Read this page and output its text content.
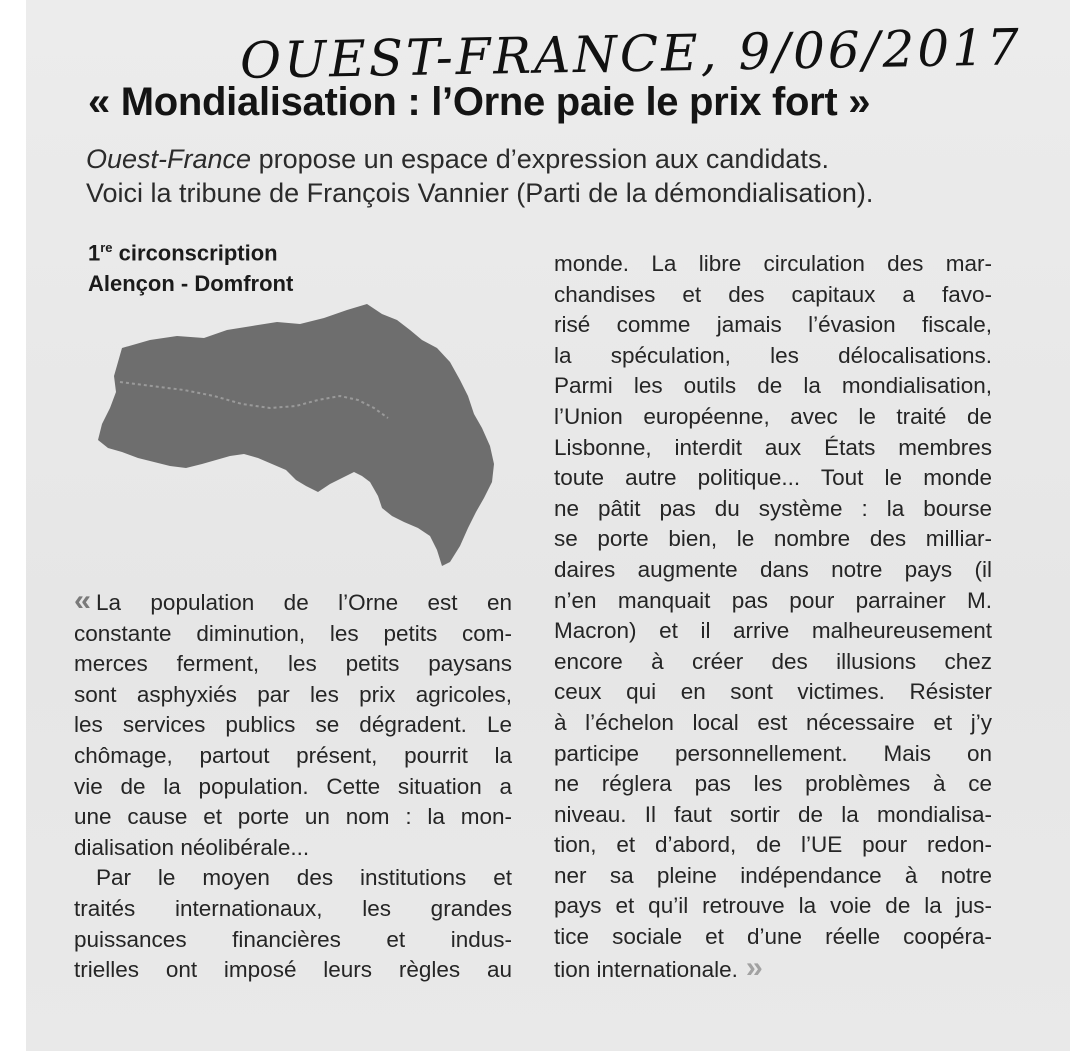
OUEST-FRANCE, 9/06/2017
« Mondialisation : l’Orne paie le prix fort »
Ouest-France propose un espace d’expression aux candidats.
Voici la tribune de François Vannier (Parti de la démondialisation).
1re circonscription
Alençon - Domfront
‹‹ La population de l’Orne est en
constante diminution, les petits com-
merces ferment, les petits paysans
sont asphyxiés par les prix agricoles,
les services publics se dégradent. Le
chômage, partout présent, pourrit la
vie de la population. Cette situation a
une cause et porte un nom : la mon-
dialisation néolibérale...
Par le moyen des institutions et
traités internationaux, les grandes
puissances financières et indus-
trielles ont imposé leurs règles au
monde. La libre circulation des mar-
chandises et des capitaux a favo-
risé comme jamais l’évasion fiscale,
la spéculation, les délocalisations.
Parmi les outils de la mondialisation,
l’Union européenne, avec le traité de
Lisbonne, interdit aux États membres
toute autre politique... Tout le monde
ne pâtit pas du système : la bourse
se porte bien, le nombre des milliar-
daires augmente dans notre pays (il
n’en manquait pas pour parrainer M.
Macron) et il arrive malheureusement
encore à créer des illusions chez
ceux qui en sont victimes. Résister
à l’échelon local est nécessaire et j’y
participe personnellement. Mais on
ne réglera pas les problèmes à ce
niveau. Il faut sortir de la mondialisa-
tion, et d’abord, de l’UE pour redon-
ner sa pleine indépendance à notre
pays et qu’il retrouve la voie de la jus-
tice sociale et d’une réelle coopéra-
tion internationale. ››
